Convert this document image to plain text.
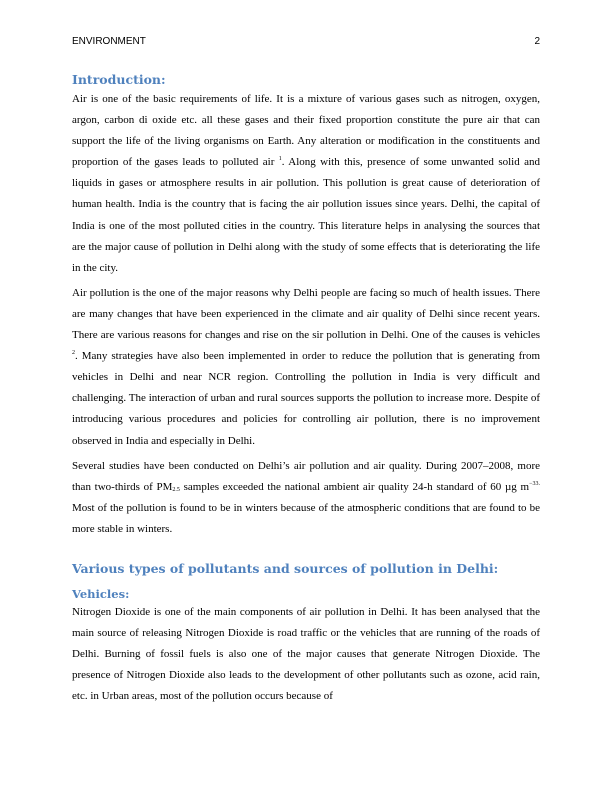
ENVIRONMENT	2
Introduction:

Air is one of the basic requirements of life. It is a mixture of various gases such as nitrogen, oxygen, argon, carbon di oxide etc. all these gases and their fixed proportion constitute the pure air that can support the life of the living organisms on Earth. Any alteration or modification in the constituents and proportion of the gases leads to polluted air $^1$. Along with this, presence of some unwanted solid and liquids in gases or atmosphere results in air pollution. This pollution is great cause of deterioration of human health. India is the country that is facing the air pollution issues since years. Delhi, the capital of India is one of the most polluted cities in the country. This literature helps in analysing the sources that are the major cause of pollution in Delhi along with the study of some effects that is deteriorating the life in the city.

Air pollution is the one of the major reasons why Delhi people are facing so much of health issues. There are many changes that have been experienced in the climate and air quality of Delhi since recent years. There are various reasons for changes and rise on the sir pollution in Delhi. One of the causes is vehicles $^2$. Many strategies have also been implemented in order to reduce the pollution that is generating from vehicles in Delhi and near NCR region. Controlling the pollution in India is very difficult and challenging. The interaction of urban and rural sources supports the pollution to increase more. Despite of introducing various procedures and policies for controlling air pollution, there is no improvement observed in India and especially in Delhi.

Several studies have been conducted on Delhi’s air pollution and air quality. During 2007–2008, more than two-thirds of $PM_{2.5}$ samples exceeded the national ambient air quality 24-h standard of 60 µg $m^{-33.}$ Most of the pollution is found to be in winters because of the atmospheric conditions that are found to be more stable in winters.

Various types of pollutants and sources of pollution in Delhi:
Vehicles:

Nitrogen Dioxide is one of the main components of air pollution in Delhi. It has been analysed that the main source of releasing Nitrogen Dioxide is road traffic or the vehicles that are running of the roads of Delhi. Burning of fossil fuels is also one of the major causes that generate Nitrogen Dioxide. The presence of Nitrogen Dioxide also leads to the development of other pollutants such as ozone, acid rain, etc. in Urban areas, most of the pollution occurs because of
